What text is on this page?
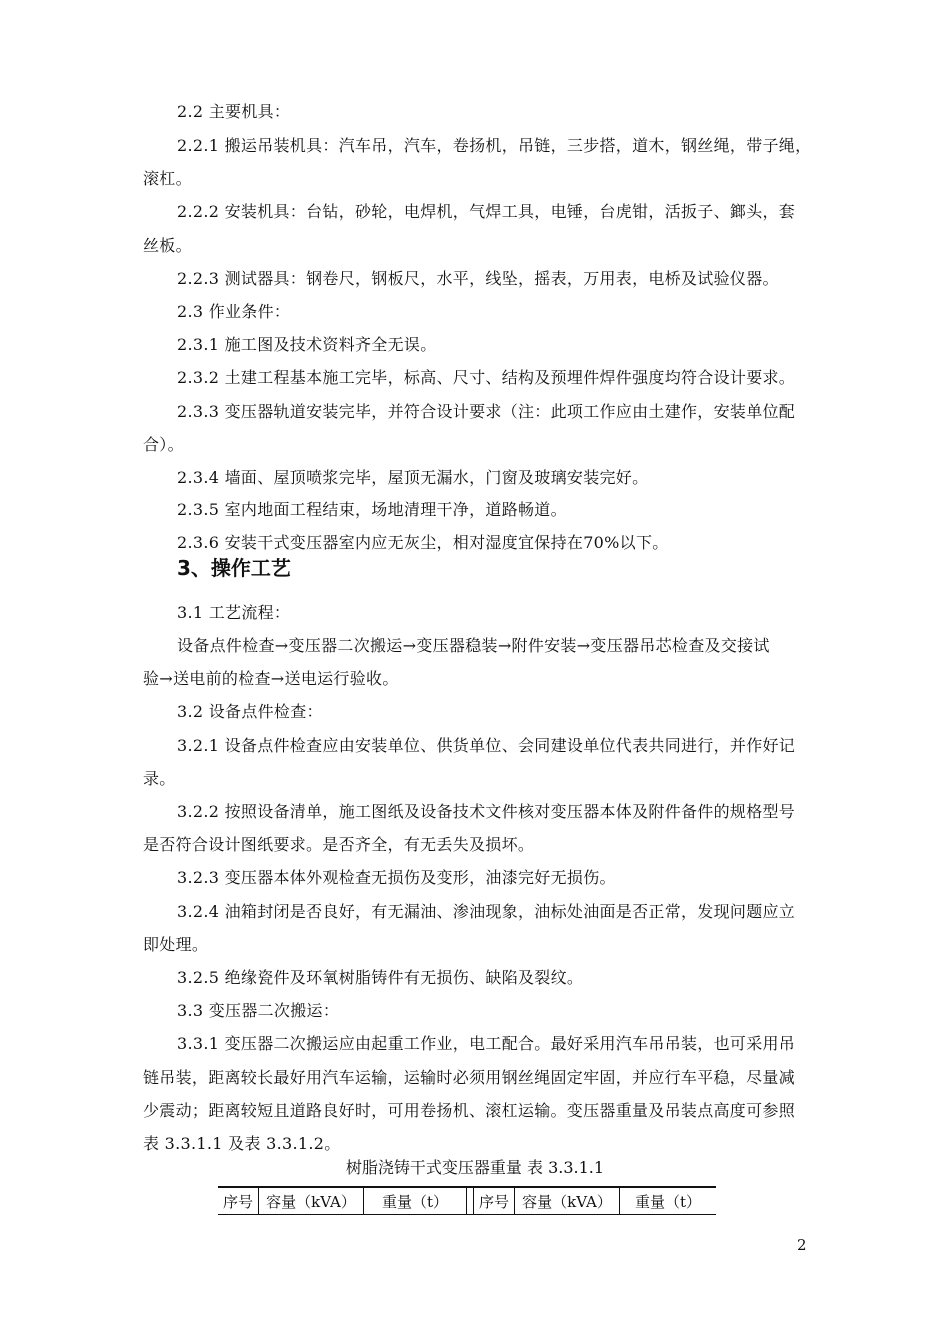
2.2 主要机具：
2.2.1 搬运吊装机具：汽车吊，汽车，卷扬机，吊链，三步搭，道木，钢丝绳，带子绳，
滚杠。
2.2.2 安装机具：台钻，砂轮，电焊机，气焊工具，电锤，台虎钳，活扳子、鎯头，套
丝板。
2.2.3 测试器具：钢卷尺，钢板尺，水平，线坠，摇表，万用表，电桥及试验仪器。
2.3 作业条件：
2.3.1 施工图及技术资料齐全无误。
2.3.2 土建工程基本施工完毕，标高、尺寸、结构及预埋件焊件强度均符合设计要求。
2.3.3 变压器轨道安装完毕，并符合设计要求（注：此项工作应由土建作，安装单位配
合）。
2.3.4 墙面、屋顶喷浆完毕，屋顶无漏水，门窗及玻璃安装完好。
2.3.5 室内地面工程结束，场地清理干净，道路畅道。
2.3.6 安装干式变压器室内应无灰尘，相对湿度宜保持在70%以下。
3、操作工艺
3.1 工艺流程：
设备点件检查→变压器二次搬运→变压器稳装→附件安装→变压器吊芯检查及交接试
验→送电前的检查→送电运行验收。
3.2 设备点件检查：
3.2.1 设备点件检查应由安装单位、供货单位、会同建设单位代表共同进行，并作好记
录。
3.2.2 按照设备清单，施工图纸及设备技术文件核对变压器本体及附件备件的规格型号
是否符合设计图纸要求。是否齐全，有无丢失及损坏。
3.2.3 变压器本体外观检查无损伤及变形，油漆完好无损伤。
3.2.4 油箱封闭是否良好，有无漏油、渗油现象，油标处油面是否正常，发现问题应立
即处理。
3.2.5 绝缘瓷件及环氧树脂铸件有无损伤、缺陷及裂纹。
3.3 变压器二次搬运：
3.3.1 变压器二次搬运应由起重工作业，电工配合。最好采用汽车吊吊装，也可采用吊
链吊装，距离较长最好用汽车运输，运输时必须用钢丝绳固定牢固，并应行车平稳，尽量减
少震动；距离较短且道路良好时，可用卷扬机、滚杠运输。变压器重量及吊装点高度可参照
表 3.3.1.1 及表 3.3.1.2。
树脂浇铸干式变压器重量 表 3.3.1.1
序号	容量（kVA）	重量（t）		序号	容量（kVA）	重量（t）
2
